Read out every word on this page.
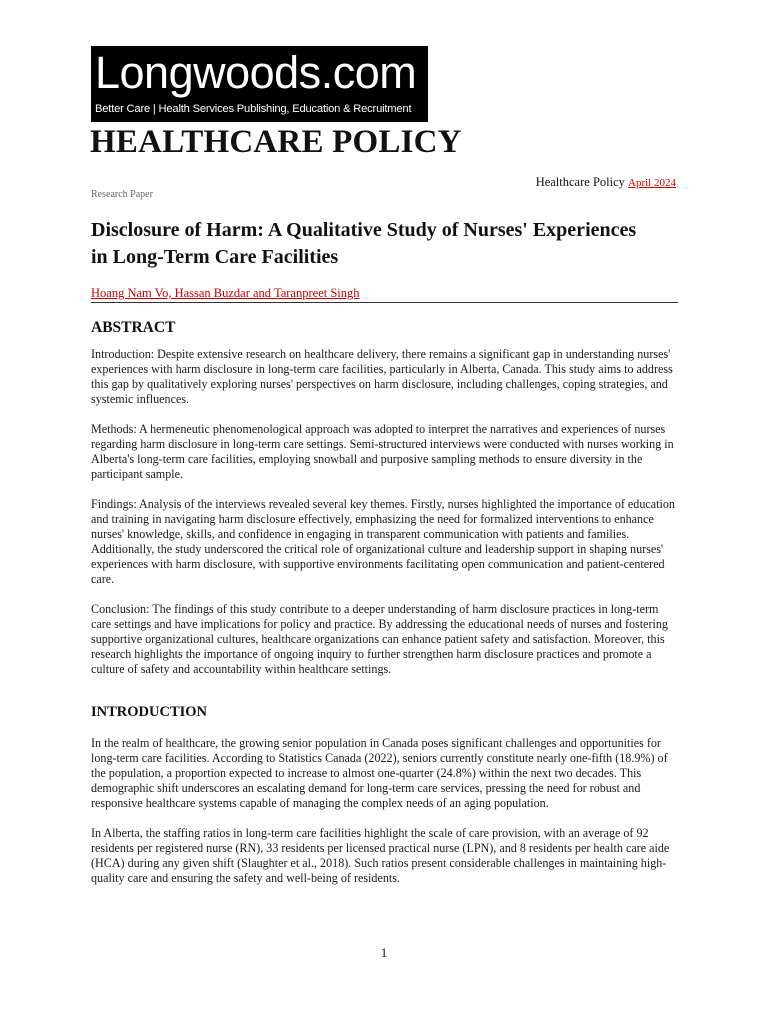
Longwoods.com
Better Care | Health Services Publishing, Education & Recruitment
HEALTHCARE POLICY
Healthcare Policy April 2024
Research Paper
Disclosure of Harm: A Qualitative Study of Nurses' Experiences in Long-Term Care Facilities
Hoang Nam Vo, Hassan Buzdar and Taranpreet Singh
ABSTRACT

Introduction: Despite extensive research on healthcare delivery, there remains a significant gap in understanding nurses' experiences with harm disclosure in long-term care facilities, particularly in Alberta, Canada. This study aims to address this gap by qualitatively exploring nurses' perspectives on harm disclosure, including challenges, coping strategies, and systemic influences.

Methods: A hermeneutic phenomenological approach was adopted to interpret the narratives and experiences of nurses regarding harm disclosure in long-term care settings. Semi-structured interviews were conducted with nurses working in Alberta's long-term care facilities, employing snowball and purposive sampling methods to ensure diversity in the participant sample.

Findings: Analysis of the interviews revealed several key themes. Firstly, nurses highlighted the importance of education and training in navigating harm disclosure effectively, emphasizing the need for formalized interventions to enhance nurses' knowledge, skills, and confidence in engaging in transparent communication with patients and families. Additionally, the study underscored the critical role of organizational culture and leadership support in shaping nurses' experiences with harm disclosure, with supportive environments facilitating open communication and patient-centered care.

Conclusion: The findings of this study contribute to a deeper understanding of harm disclosure practices in long-term care settings and have implications for policy and practice. By addressing the educational needs of nurses and fostering supportive organizational cultures, healthcare organizations can enhance patient safety and satisfaction. Moreover, this research highlights the importance of ongoing inquiry to further strengthen harm disclosure practices and promote a culture of safety and accountability within healthcare settings.

INTRODUCTION

In the realm of healthcare, the growing senior population in Canada poses significant challenges and opportunities for long-term care facilities. According to Statistics Canada (2022), seniors currently constitute nearly one-fifth (18.9%) of the population, a proportion expected to increase to almost one-quarter (24.8%) within the next two decades. This demographic shift underscores an escalating demand for long-term care services, pressing the need for robust and responsive healthcare systems capable of managing the complex needs of an aging population.

In Alberta, the staffing ratios in long-term care facilities highlight the scale of care provision, with an average of 92 residents per registered nurse (RN), 33 residents per licensed practical nurse (LPN), and 8 residents per health care aide (HCA) during any given shift (Slaughter et al., 2018). Such ratios present considerable challenges in maintaining high-quality care and ensuring the safety and well-being of residents.

1
